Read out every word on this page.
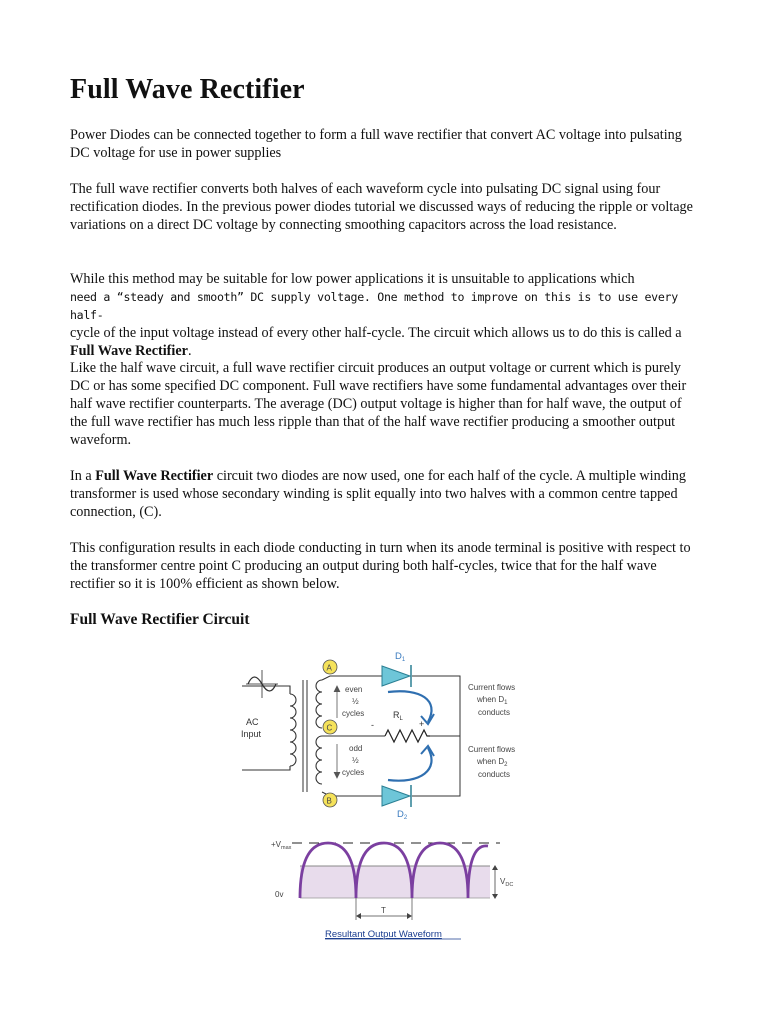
Full Wave Rectifier

Power Diodes can be connected together to form a full wave rectifier that convert AC voltage into pulsating DC voltage for use in power supplies

The full wave rectifier converts both halves of each waveform cycle into pulsating DC signal using four rectification diodes. In the previous power diodes tutorial we discussed ways of reducing the ripple or voltage variations on a direct DC voltage by connecting smoothing capacitors across the load resistance.

While this method may be suitable for low power applications it is unsuitable to applications which
need a “steady and smooth” DC supply voltage. One method to improve on this is to use every half-
cycle of the input voltage instead of every other half-cycle. The circuit which allows us to do this is called a Full Wave Rectifier.

Like the half wave circuit, a full wave rectifier circuit produces an output voltage or current which is purely DC or has some specified DC component. Full wave rectifiers have some fundamental advantages over their half wave rectifier counterparts. The average (DC) output voltage is higher than for half wave, the output of the full wave rectifier has much less ripple than that of the half wave rectifier producing a smoother output waveform.

In a Full Wave Rectifier circuit two diodes are now used, one for each half of the cycle. A multiple winding transformer is used whose secondary winding is split equally into two halves with a common centre tapped connection, (C).

This configuration results in each diode conducting in turn when its anode terminal is positive with respect to the transformer centre point C producing an output during both half-cycles, twice that for the half wave rectifier so it is 100% efficient as shown below.

Full Wave Rectifier Circuit
AC
Input
A
C
B
even
½
cycles
odd
½
cycles
$D_1$
$D_2$
$R_L$
-	+
Current flows
when $D_1$
conducts
Current flows
when $D_2$
conducts
$+V_{max}$
0v
$V_{DC}$
T
Resultant Output Waveform
